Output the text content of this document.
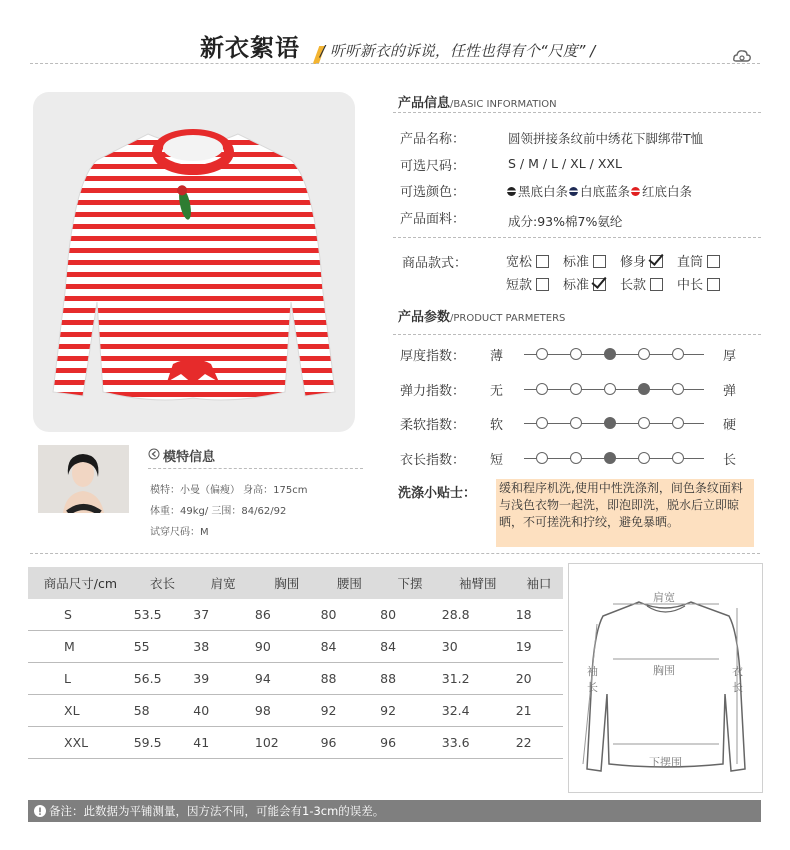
新衣絮语 / 听听新衣的诉说，任性也得有个“尺度” /
模特信息
模特：小曼（偏瘦） 身高：175cm
体重：49kg/ 三围：84/62/92
试穿尺码：M
产品信息/BASIC INFORMATION
产品名称：	圆领拼接条纹前中绣花下脚绑带T恤
可选尺码：	S / M / L / XL / XXL
可选颜色：	黑底白条 白底蓝条 红底白条
产品面料：	成分:93%棉7%氨纶
商品款式：	宽松 标准 修身 直筒
短款 标准 长款 中长
产品参数/PRODUCT PARMETERS
厚度指数： 薄	厚
弹力指数： 无	弹
柔软指数： 软	硬
衣长指数： 短	长
洗涤小贴士： 缓和程序机洗,使用中性洗涤剂，间色条纹面料与浅色衣物一起洗，即泡即洗，脱水后立即晾晒，不可搓洗和拧绞，避免暴晒。
商品尺寸/cm	衣长	肩宽	胸围	腰围	下摆	袖臂围	袖口
S	53.5	37	86	80	80	28.8	18
M	55	38	90	84	84	30	19
L	56.5	39	94	88	88	31.2	20
XL	58	40	98	92	92	32.4	21
XXL	59.5	41	102	96	96	33.6	22
肩宽
胸围
袖长
衣长
下摆围
备注：此数据为平铺测量，因方法不同，可能会有1-3cm的误差。
